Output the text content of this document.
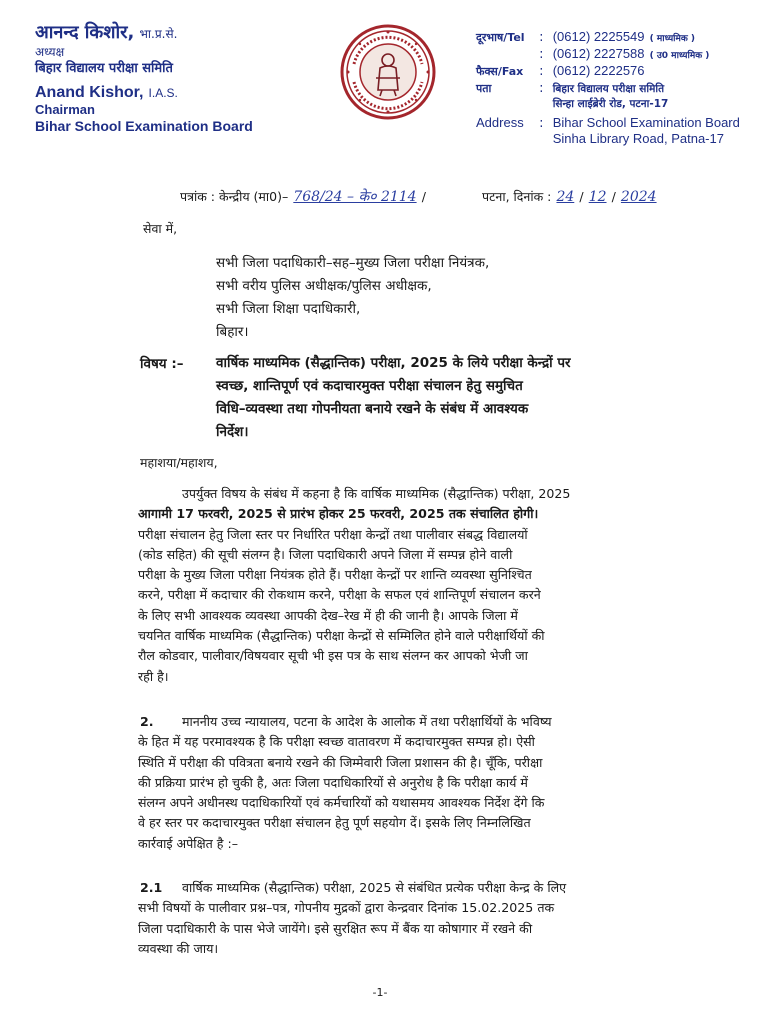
आनन्द किशोर, भा.प्र.से.
अध्यक्ष
बिहार विद्यालय परीक्षा समिति
Anand Kishor, I.A.S.
Chairman
Bihar School Examination Board
दूरभाष/Tel :  (0612) 2225549 ( माध्यमिक )
:  (0612) 2227588 ( उ0 माध्यमिक )
फैक्स/Fax :  (0612) 2222576
पता	:  बिहार विद्यालय परीक्षा समिति
सिन्हा लाईब्रेरी रोड, पटना-17
Address :  Bihar School Examination Board
Sinha Library Road, Patna-17
पत्रांक : केन्द्रीय (मा0)– 768/24 – के० 2114 /	पटना, दिनांक : 24 / 12 / 2024
सेवा में,
सभी जिला पदाधिकारी–सह–मुख्य जिला परीक्षा नियंत्रक,
सभी वरीय पुलिस अधीक्षक/पुलिस अधीक्षक,
सभी जिला शिक्षा पदाधिकारी,
बिहार।
विषय :– वार्षिक माध्यमिक (सैद्धान्तिक) परीक्षा, 2025 के लिये परीक्षा केन्द्रों पर
स्वच्छ, शान्तिपूर्ण एवं कदाचारमुक्त परीक्षा संचालन हेतु समुचित
विधि–व्यवस्था तथा गोपनीयता बनाये रखने के संबंध में आवश्यक
निर्देश।
महाशया/महाशय,
उपर्युक्त विषय के संबंध में कहना है कि वार्षिक माध्यमिक (सैद्धान्तिक) परीक्षा, 2025
आगामी 17 फरवरी, 2025 से प्रारंभ होकर 25 फरवरी, 2025 तक संचालित होगी।
परीक्षा संचालन हेतु जिला स्तर पर निर्धारित परीक्षा केन्द्रों तथा पालीवार संबद्ध विद्यालयों
(कोड सहित) की सूची संलग्न है। जिला पदाधिकारी अपने जिला में सम्पन्न होने वाली
परीक्षा के मुख्य जिला परीक्षा नियंत्रक होते हैं। परीक्षा केन्द्रों पर शान्ति व्यवस्था सुनिश्चित
करने, परीक्षा में कदाचार की रोकथाम करने, परीक्षा के सफल एवं शान्तिपूर्ण संचालन करने
के लिए सभी आवश्यक व्यवस्था आपकी देख–रेख में ही की जानी है। आपके जिला में
चयनित वार्षिक माध्यमिक (सैद्धान्तिक) परीक्षा केन्द्रों से सम्मिलित होने वाले परीक्षार्थियों की
रौल कोडवार, पालीवार/विषयवार सूची भी इस पत्र के साथ संलग्न कर आपको भेजी जा
रही है।
2.	माननीय उच्च न्यायालय, पटना के आदेश के आलोक में तथा परीक्षार्थियों के भविष्य
के हित में यह परमावश्यक है कि परीक्षा स्वच्छ वातावरण में कदाचारमुक्त सम्पन्न हो। ऐसी
स्थिति में परीक्षा की पवित्रता बनाये रखने की जिम्मेवारी जिला प्रशासन की है। चूँकि, परीक्षा
की प्रक्रिया प्रारंभ हो चुकी है, अतः जिला पदाधिकारियों से अनुरोध है कि परीक्षा कार्य में
संलग्न अपने अधीनस्थ पदाधिकारियों एवं कर्मचारियों को यथासमय आवश्यक निर्देश देंगे कि
वे हर स्तर पर कदाचारमुक्त परीक्षा संचालन हेतु पूर्ण सहयोग दें। इसके लिए निम्नलिखित
कार्रवाई अपेक्षित है :–
2.1	वार्षिक माध्यमिक (सैद्धान्तिक) परीक्षा, 2025 से संबंधित प्रत्येक परीक्षा केन्द्र के लिए
सभी विषयों के पालीवार प्रश्न–पत्र, गोपनीय मुद्रकों द्वारा केन्द्रवार दिनांक 15.02.2025 तक
जिला पदाधिकारी के पास भेजे जायेंगे। इसे सुरक्षित रूप में बैंक या कोषागार में रखने की
व्यवस्था की जाय।
-1-
